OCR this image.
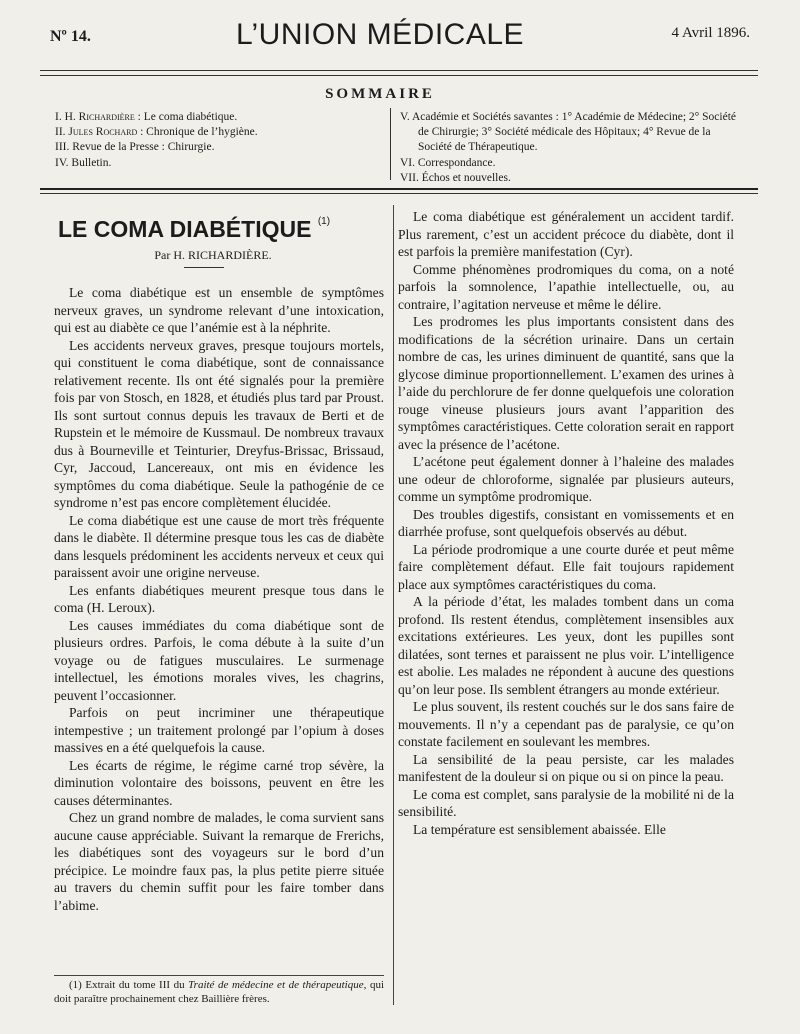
Nº 14.	L’UNION MÉDICALE	4 Avril 1896.
SOMMAIRE
I. H. Richardière : Le coma diabétique.
II. Jules Rochard : Chronique de l’hygiène.
III. Revue de la Presse : Chirurgie.
IV. Bulletin.
V. Académie et Sociétés savantes : 1° Académie de Médecine; 2° Société de Chirurgie; 3° Société médicale des Hôpitaux; 4° Revue de la Société de Thérapeutique.
VI. Correspondance.
VII. Échos et nouvelles.
LE COMA DIABÉTIQUE $^{(1)}$
Par H. RICHARDIÈRE.

Le coma diabétique est un ensemble de symptômes nerveux graves, un syndrome relevant d’une intoxication, qui est au diabète ce que l’anémie est à la néphrite.

Les accidents nerveux graves, presque toujours mortels, qui constituent le coma diabétique, sont de connaissance relativement recente. Ils ont été signalés pour la première fois par von Stosch, en 1828, et étudiés plus tard par Proust. Ils sont surtout connus depuis les travaux de Berti et de Rupstein et le mémoire de Kussmaul. De nombreux travaux dus à Bourneville et Teinturier, Dreyfus-Brissac, Brissaud, Cyr, Jaccoud, Lancereaux, ont mis en évidence les symptômes du coma diabétique. Seule la pathogénie de ce syndrome n’est pas encore complètement élucidée.

Le coma diabétique est une cause de mort très fréquente dans le diabète. Il détermine presque tous les cas de diabète dans lesquels prédominent les accidents nerveux et ceux qui paraissent avoir une origine nerveuse.

Les enfants diabétiques meurent presque tous dans le coma (H. Leroux).

Les causes immédiates du coma diabétique sont de plusieurs ordres. Parfois, le coma débute à la suite d’un voyage ou de fatigues musculaires. Le surmenage intellectuel, les émotions morales vives, les chagrins, peuvent l’occasionner.

Parfois on peut incriminer une thérapeutique intempestive ; un traitement prolongé par l’opium à doses massives en a été quelquefois la cause.

Les écarts de régime, le régime carné trop sévère, la diminution volontaire des boissons, peuvent en être les causes déterminantes.

Chez un grand nombre de malades, le coma survient sans aucune cause appréciable. Suivant la remarque de Frerichs, les diabétiques sont des voyageurs sur le bord d’un précipice. Le moindre faux pas, la plus petite pierre située au travers du chemin suffit pour les faire tomber dans l’abime.

Le coma diabétique est généralement un accident tardif. Plus rarement, c’est un accident précoce du diabète, dont il est parfois la première manifestation (Cyr).

Comme phénomènes prodromiques du coma, on a noté parfois la somnolence, l’apathie intellectuelle, ou, au contraire, l’agitation nerveuse et même le délire.

Les prodromes les plus importants consistent dans des modifications de la sécrétion urinaire. Dans un certain nombre de cas, les urines diminuent de quantité, sans que la glycose diminue proportionnellement. L’examen des urines à l’aide du perchlorure de fer donne quelquefois une coloration rouge vineuse plusieurs jours avant l’apparition des symptômes caractéristiques. Cette coloration serait en rapport avec la présence de l’acétone.

L’acétone peut également donner à l’haleine des malades une odeur de chloroforme, signalée par plusieurs auteurs, comme un symptôme prodromique.

Des troubles digestifs, consistant en vomissements et en diarrhée profuse, sont quelquefois observés au début.

La période prodromique a une courte durée et peut même faire complètement défaut. Elle fait toujours rapidement place aux symptômes caractéristiques du coma.

A la période d’état, les malades tombent dans un coma profond. Ils restent étendus, complètement insensibles aux excitations extérieures. Les yeux, dont les pupilles sont dilatées, sont ternes et paraissent ne plus voir. L’intelligence est abolie. Les malades ne répondent à aucune des questions qu’on leur pose. Ils semblent étrangers au monde extérieur.

Le plus souvent, ils restent couchés sur le dos sans faire de mouvements. Il n’y a cependant pas de paralysie, ce qu’on constate facilement en soulevant les membres.

La sensibilité de la peau persiste, car les malades manifestent de la douleur si on pique ou si on pince la peau.

Le coma est complet, sans paralysie de la mobilité ni de la sensibilité.

La température est sensiblement abaissée. Elle

(1) Extrait du tome III du Traité de médecine et de thérapeutique, qui doit paraître prochainement chez Baillière frères.
